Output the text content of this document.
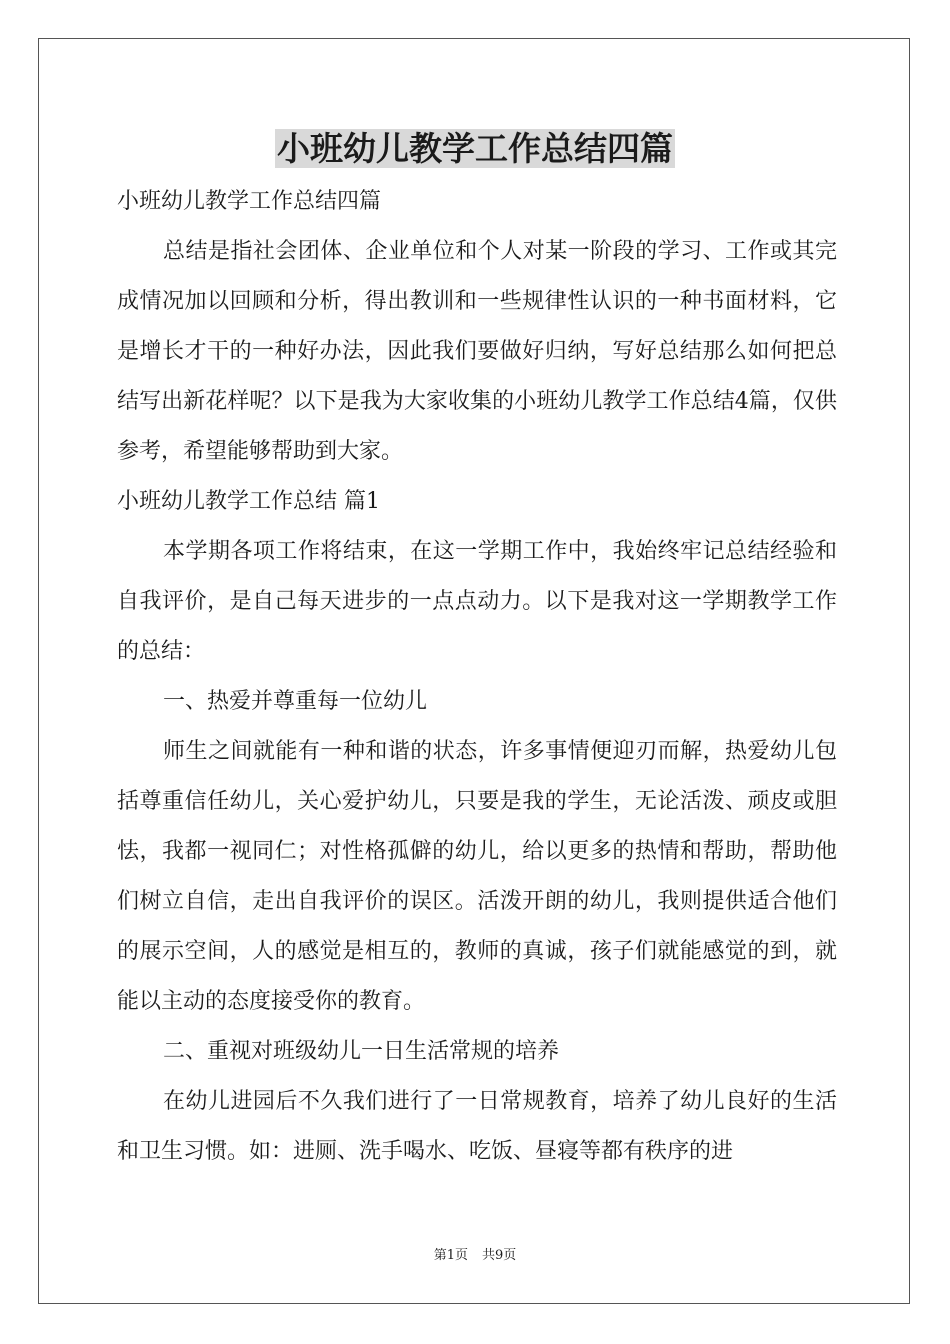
小班幼儿教学工作总结四篇

小班幼儿教学工作总结四篇

总结是指社会团体、企业单位和个人对某一阶段的学习、工作或其完成情况加以回顾和分析，得出教训和一些规律性认识的一种书面材料，它是增长才干的一种好办法，因此我们要做好归纳，写好总结那么如何把总结写出新花样呢？以下是我为大家收集的小班幼儿教学工作总结4篇，仅供参考，希望能够帮助到大家。

小班幼儿教学工作总结 篇1

本学期各项工作将结束，在这一学期工作中，我始终牢记总结经验和自我评价，是自己每天进步的一点点动力。以下是我对这一学期教学工作的总结：

一、热爱并尊重每一位幼儿

师生之间就能有一种和谐的状态，许多事情便迎刃而解，热爱幼儿包括尊重信任幼儿，关心爱护幼儿，只要是我的学生，无论活泼、顽皮或胆怯，我都一视同仁；对性格孤僻的幼儿，给以更多的热情和帮助，帮助他们树立自信，走出自我评价的误区。活泼开朗的幼儿，我则提供适合他们的展示空间，人的感觉是相互的，教师的真诚，孩子们就能感觉的到，就能以主动的态度接受你的教育。

二、重视对班级幼儿一日生活常规的培养

在幼儿进园后不久我们进行了一日常规教育，培养了幼儿良好的生活和卫生习惯。如：进厕、洗手喝水、吃饭、昼寝等都有秩序的进

第1页 共9页
